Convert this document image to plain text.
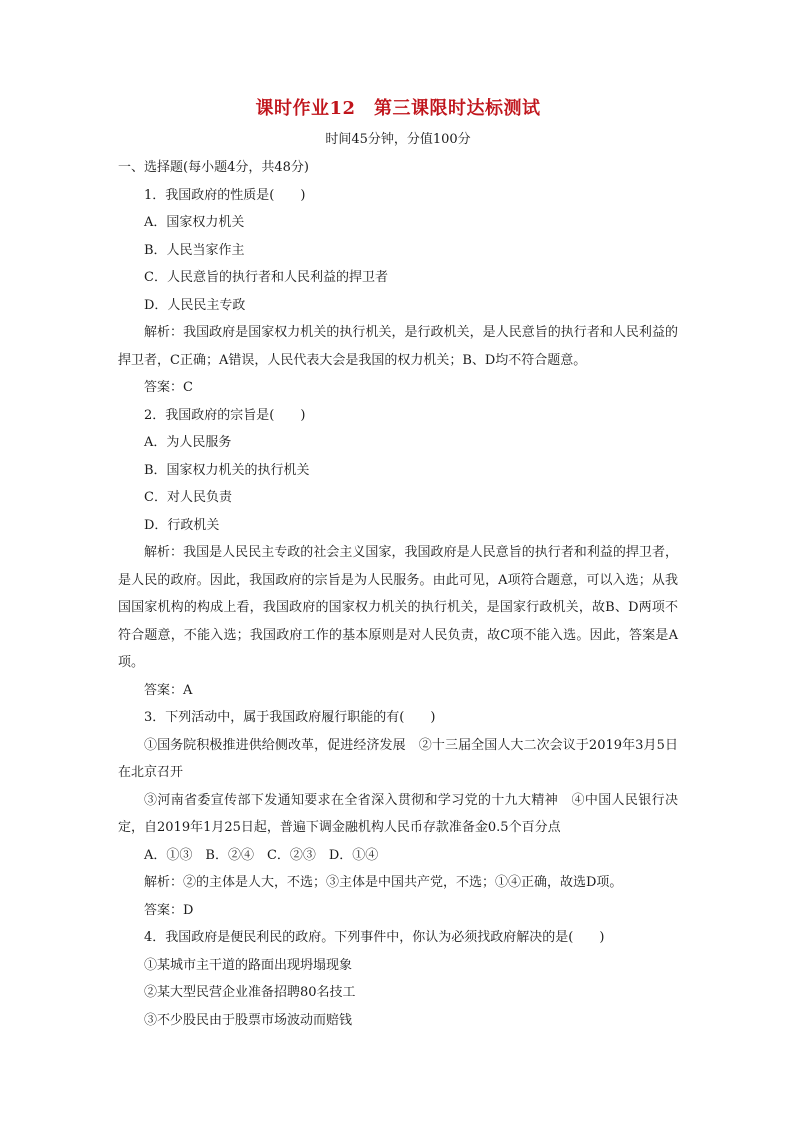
课时作业12　第三课限时达标测试
时间45分钟，分值100分
一、选择题(每小题4分，共48分)
1．我国政府的性质是(　　)
A．国家权力机关
B．人民当家作主
C．人民意旨的执行者和人民利益的捍卫者
D．人民民主专政

解析：我国政府是国家权力机关的执行机关，是行政机关，是人民意旨的执行者和人民利益的捍卫者，C正确；A错误，人民代表大会是我国的权力机关；B、D均不符合题意。

答案：C
2．我国政府的宗旨是(　　)
A．为人民服务
B．国家权力机关的执行机关
C．对人民负责
D．行政机关

解析：我国是人民民主专政的社会主义国家，我国政府是人民意旨的执行者和利益的捍卫者，是人民的政府。因此，我国政府的宗旨是为人民服务。由此可见，A项符合题意，可以入选；从我国国家机构的构成上看，我国政府的国家权力机关的执行机关，是国家行政机关，故B、D两项不符合题意，不能入选；我国政府工作的基本原则是对人民负责，故C项不能入选。因此，答案是A项。

答案：A
3．下列活动中，属于我国政府履行职能的有(　　)

①国务院积极推进供给侧改革，促进经济发展　②十三届全国人大二次会议于2019年3月5日在北京召开

③河南省委宣传部下发通知要求在全省深入贯彻和学习党的十九大精神　④中国人民银行决定，自2019年1月25日起，普遍下调金融机构人民币存款准备金0.5个百分点

A．①③　B．②④　C．②③　D．①④

解析：②的主体是人大，不选；③主体是中国共产党，不选；①④正确，故选D项。

答案：D
4．我国政府是便民利民的政府。下列事件中，你认为必须找政府解决的是(　　)
①某城市主干道的路面出现坍塌现象
②某大型民营企业准备招聘80名技工
③不少股民由于股票市场波动而赔钱
